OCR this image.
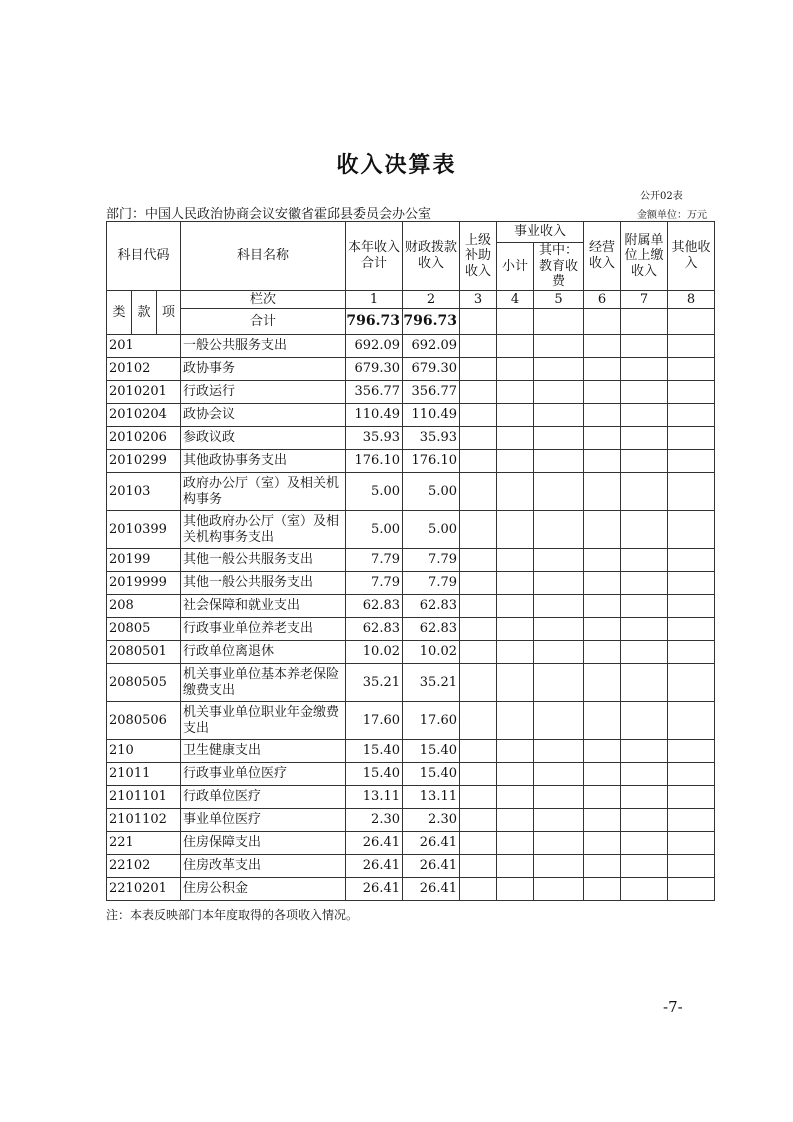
收入决算表
公开02表
部门：中国人民政治协商会议安徽省霍邱县委员会办公室	金额单位：万元
科目代码			科目名称	本年收入合计	财政拨款收入	上级补助收入	事业收入		经营收入	附属单位上缴收入	其他收入
							小计	其中：教育收费			

类	款	项	栏次	1	2	3	4	5	6	7	8
			合计	796.73	796.73						
201			一般公共服务支出	692.09	692.09						
20102			政协事务	679.30	679.30						
2010201			行政运行	356.77	356.77						
2010204			政协会议	110.49	110.49						
2010206			参政议政	35.93	35.93						
2010299			其他政协事务支出	176.10	176.10						
20103			政府办公厅（室）及相关机构事务	5.00	5.00						
2010399			其他政府办公厅（室）及相关机构事务支出	5.00	5.00						
20199			其他一般公共服务支出	7.79	7.79						
2019999			其他一般公共服务支出	7.79	7.79						
208			社会保障和就业支出	62.83	62.83						
20805			行政事业单位养老支出	62.83	62.83						
2080501			行政单位离退休	10.02	10.02						
2080505			机关事业单位基本养老保险缴费支出	35.21	35.21						
2080506			机关事业单位职业年金缴费支出	17.60	17.60						
210			卫生健康支出	15.40	15.40						
21011			行政事业单位医疗	15.40	15.40						
2101101			行政单位医疗	13.11	13.11						
2101102			事业单位医疗	2.30	2.30						
221			住房保障支出	26.41	26.41						
22102			住房改革支出	26.41	26.41						
2210201			住房公积金	26.41	26.41						
注：本表反映部门本年度取得的各项收入情况。
-7-
